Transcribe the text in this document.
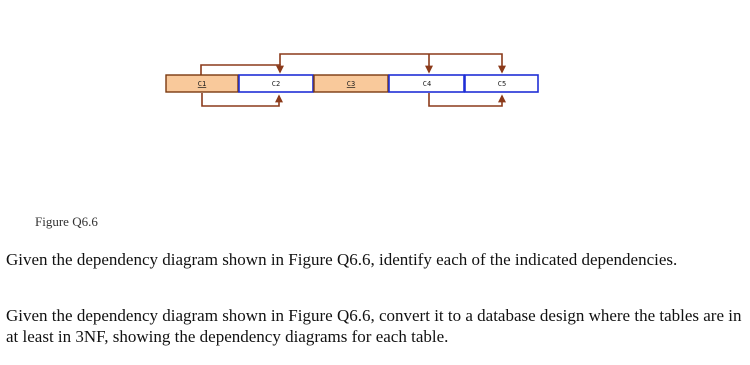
C1	C2	C3	C4	C5
Figure Q6.6
Given the dependency diagram shown in Figure Q6.6, identify each of the indicated dependencies.
Given the dependency diagram shown in Figure Q6.6, convert it to a database design where the tables are in at least in 3NF, showing the dependency diagrams for each table.
